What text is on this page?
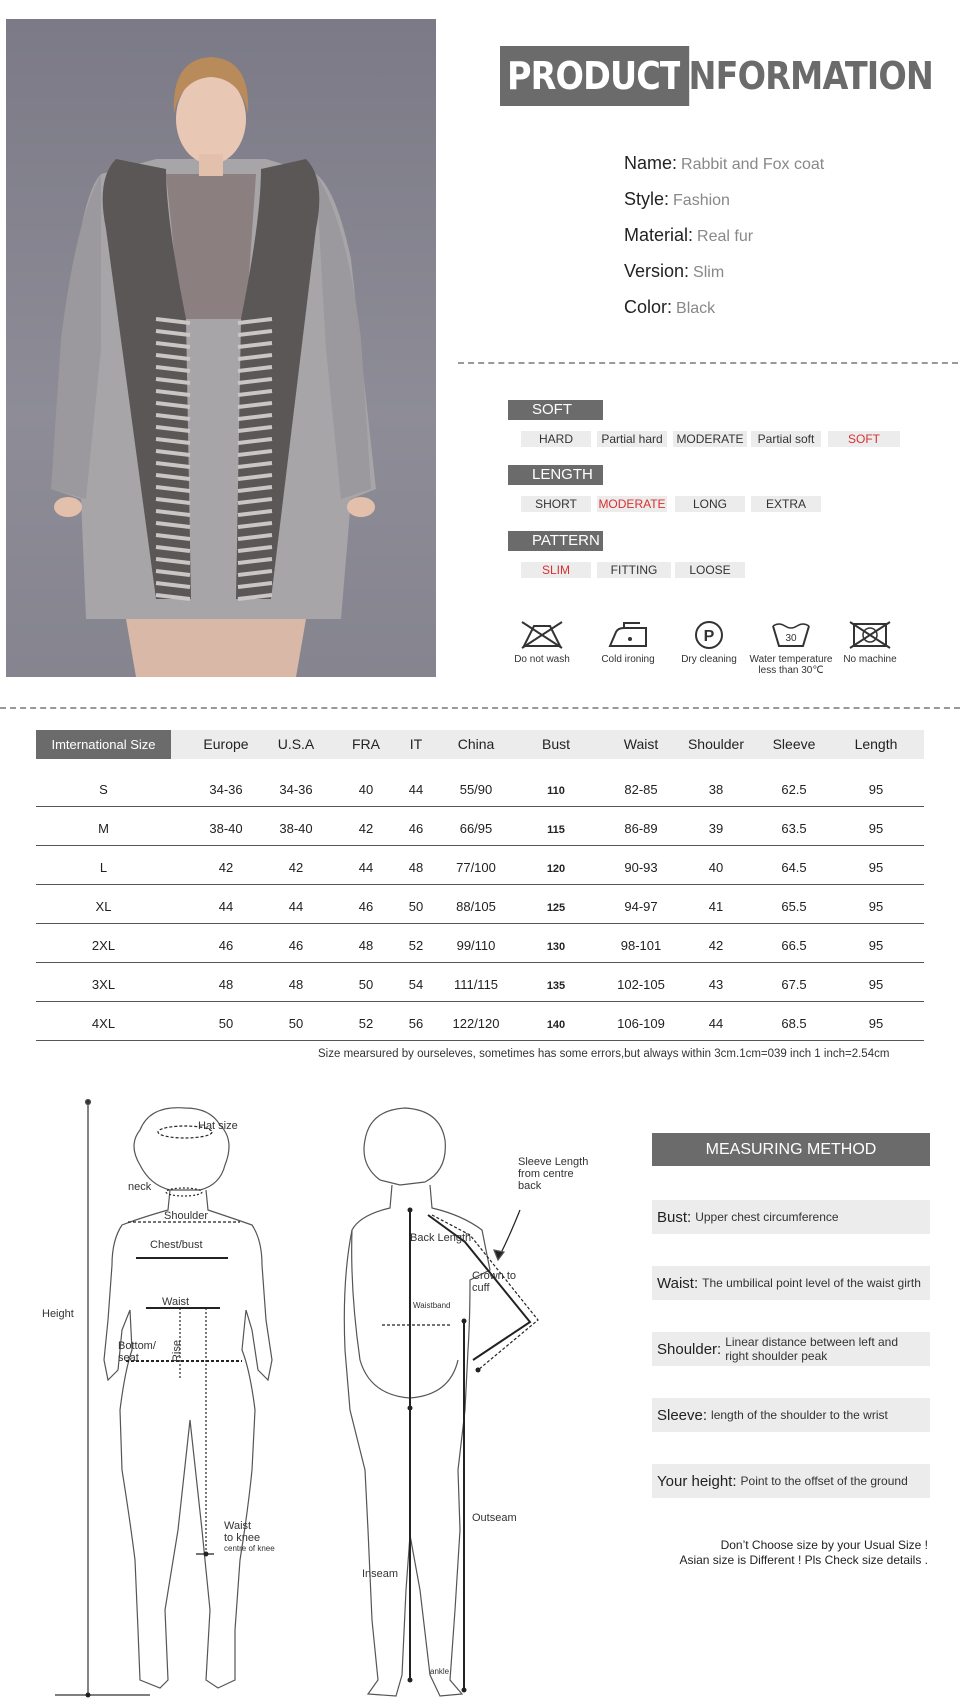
PRODUCT
INFORMATION
Name: Rabbit and Fox coat
Style: Fashion
Material: Real fur
Version: Slim
Color: Black
SOFT
HARD	Partial hard	MODERATE	Partial soft	SOFT
LENGTH
SHORT	MODERATE	LONG	EXTRA
PATTERN
SLIM	FITTING	LOOSE
Do not wash	Cold ironing
P
Dry cleaning
30
Water temperature less than 30℃
No machine
Imternational Size	Europe	U.S.A	FRA	IT	China	Bust	Waist	Shoulder	Sleeve	Length
S	34-36	34-36	40	44	55/90	110	82-85	38	62.5	95
M	38-40	38-40	42	46	66/95	115	86-89	39	63.5	95
L	42	42	44	48	77/100	120	90-93	40	64.5	95
XL	44	44	46	50	88/105	125	94-97	41	65.5	95
2XL	46	46	48	52	99/110	130	98-101	42	66.5	95
3XL	48	48	50	54	111/115	135	102-105	43	67.5	95
4XL	50	50	52	56	122/120	140	106-109	44	68.5	95
Size mearsured by ourseleves, sometimes has some errors,but always within 3cm.1cm=039 inch 1 inch=2.54cm
Height
Hat size
neck
Shoulder
Chest/bust
Waist
Bottom/
seat	Rise
Waist
to knee
centre of knee
Sleeve Length
from centre
back
Back Length
Crown to
cuff
Waistband
Outseam
Inseam
ankle
MEASURING METHOD
Bust: Upper chest circumference
Waist: The umbilical point level of the waist girth
Shoulder: Linear distance between left and right shoulder peak
Sleeve: length of the shoulder to the wrist
Your height: Point to the offset of the ground
Don’t Choose size by your Usual Size !
Asian size is Different ! Pls Check size details .
